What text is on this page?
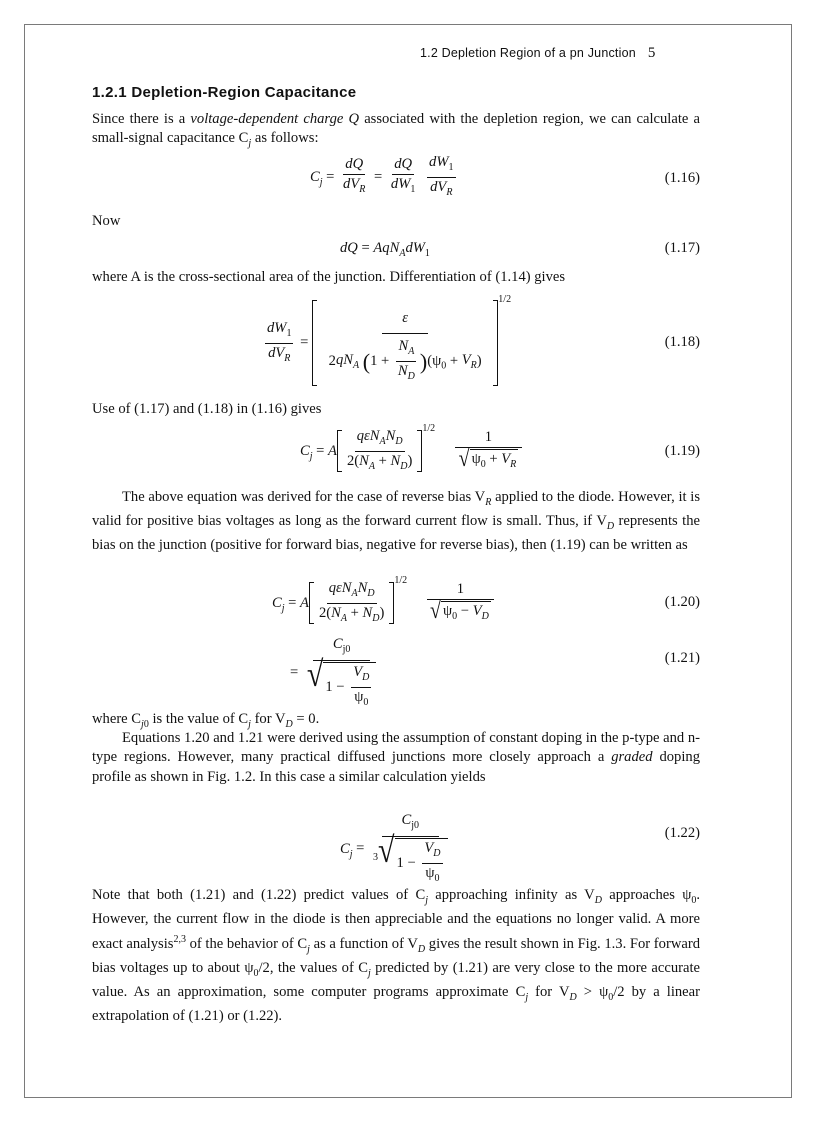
1.2 Depletion Region of a pn Junction 5
1.2.1 Depletion-Region Capacitance
Since there is a voltage-dependent charge Q associated with the depletion region, we can calculate a small-signal capacitance $C_j$ as follows:
$C_j = \frac{dQ}{dV_R} = \frac{dQ}{dW_1}$
$\frac{dW_1}{dV_R}$	(1.16)
Now
dQ = $AqN_AdW_1$	(1.17)
where A is the cross-sectional area of the junction. Differentiation of (1.14) gives
$\frac{dW_1}{dV_R} = \frac{\varepsilon}{2qN_A (1 + \frac{N_A}{N_D} )(\psi_0 + V_R)}$
$^{1/2}$
(1.18)
Use of (1.17) and (1.18) in (1.16) gives
$C_j = A \frac{q\varepsilon N_AN_D}{2(N_A + N_D)} ^{1/2}$
$\frac{1}{√ \psi_0 + V_R}$	(1.19)
The above equation was derived for the case of reverse bias $V_R$ applied to the diode. However, it is valid for positive bias voltages as long as the forward current flow is small. Thus, if $V_D$ represents the bias on the junction (positive for forward bias, negative for reverse bias), then (1.19) can be written as
$C_j = A \frac{q\varepsilon N_AN_D}{2(N_A + N_D)} ^{1/2}$
$\frac{1}{√ \psi_0 - V_D}$	(1.20)
= $\frac{C_{j0}}{√ 1 - \frac{V_D}{\psi_0}}$	(1.21)
where $C_{j0}$ is the value of $C_j$ for $V_D = 0$.
Equations 1.20 and 1.21 were derived using the assumption of constant doping in the p-type and n-type regions. However, many practical diffused junctions more closely approach a graded doping profile as shown in Fig. 1.2. In this case a similar calculation yields
$C_j = \frac{C_{j0}}{^3 √ 1 - \frac{V_D}{\psi_0}}$	(1.22)
Note that both (1.21) and (1.22) predict values of $C_j$ approaching infinity as $V_D$ approaches $\psi_0$. However, the current flow in the diode is then appreciable and the equations no longer valid. A more exact analysis$^{2,3}$ of the behavior of $C_j$ as a function of $V_D$ gives the result shown in Fig. 1.3. For forward bias voltages up to about $\psi_0/2$, the values of $C_j$ predicted by (1.21) are very close to the more accurate value. As an approximation, some computer programs approximate $C_j$ for $V_D > \psi_0/2$ by a linear extrapolation of (1.21) or (1.22).
